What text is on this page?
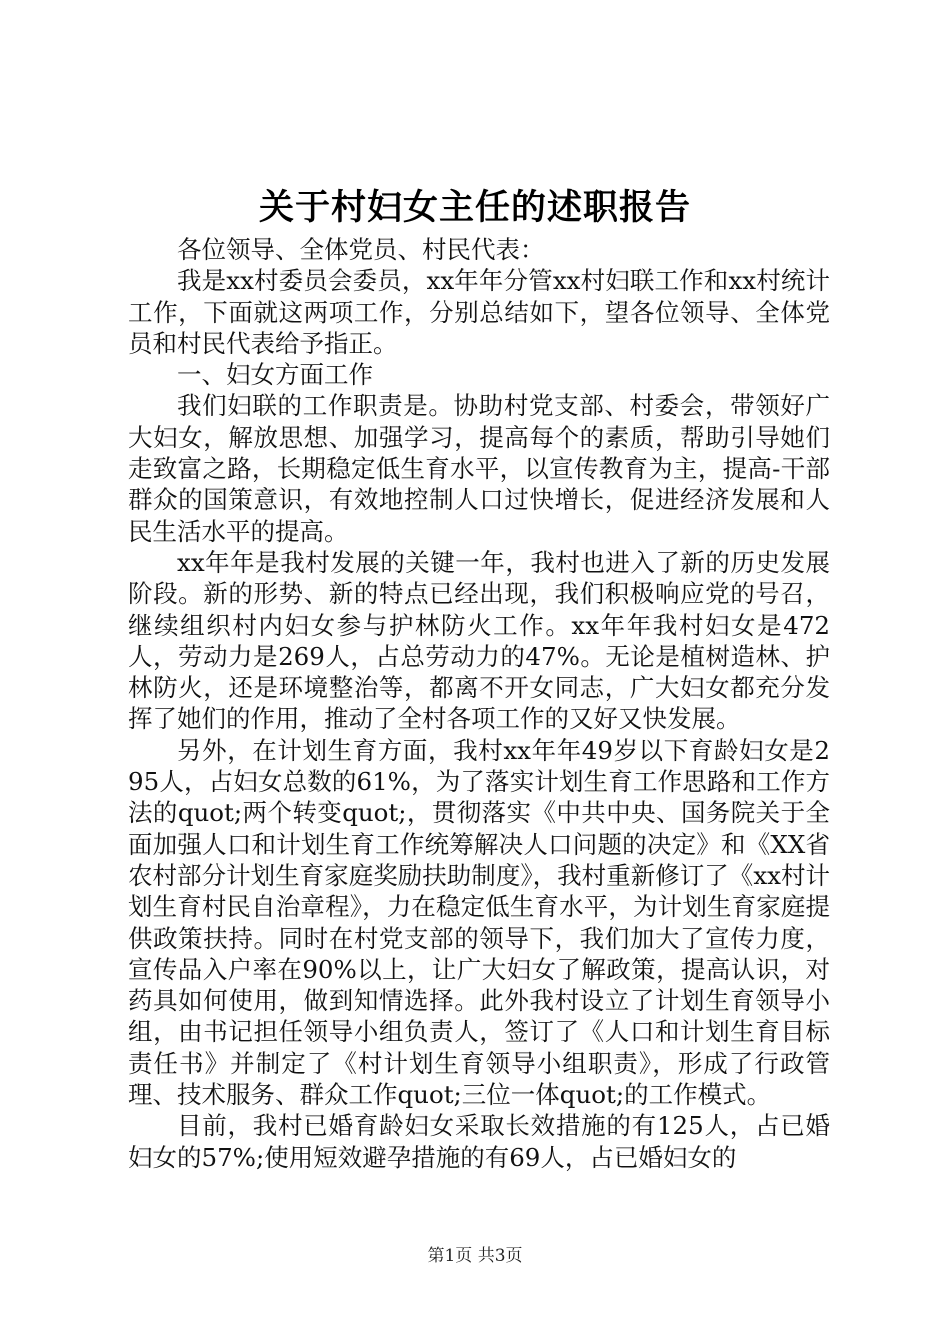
关于村妇女主任的述职报告

各位领导、全体党员、村民代表：

我是xx村委员会委员，xx年年分管xx村妇联工作和xx村统计工作，下面就这两项工作，分别总结如下，望各位领导、全体党员和村民代表给予指正。

一、妇女方面工作

我们妇联的工作职责是。协助村党支部、村委会，带领好广大妇女，解放思想、加强学习，提高每个的素质，帮助引导她们走致富之路，长期稳定低生育水平，以宣传教育为主，提高-干部群众的国策意识，有效地控制人口过快增长，促进经济发展和人民生活水平的提高。

xx年年是我村发展的关键一年，我村也进入了新的历史发展阶段。新的形势、新的特点已经出现，我们积极响应党的号召，继续组织村内妇女参与护林防火工作。xx年年我村妇女是472人，劳动力是269人，占总劳动力的47%。无论是植树造林、护林防火，还是环境整治等，都离不开女同志，广大妇女都充分发挥了她们的作用，推动了全村各项工作的又好又快发展。

另外，在计划生育方面，我村xx年年49岁以下育龄妇女是295人，占妇女总数的61%，为了落实计划生育工作思路和工作方法的quot;两个转变quot;，贯彻落实《中共中央、国务院关于全面加强人口和计划生育工作统筹解决人口问题的决定》和《XX省农村部分计划生育家庭奖励扶助制度》，我村重新修订了《xx村计划生育村民自治章程》，力在稳定低生育水平，为计划生育家庭提供政策扶持。同时在村党支部的领导下，我们加大了宣传力度，宣传品入户率在90%以上，让广大妇女了解政策，提高认识，对药具如何使用，做到知情选择。此外我村设立了计划生育领导小组，由书记担任领导小组负责人，签订了《人口和计划生育目标责任书》并制定了《村计划生育领导小组职责》，形成了行政管理、技术服务、群众工作quot;三位一体quot;的工作模式。

目前，我村已婚育龄妇女采取长效措施的有125人，占已婚妇女的57%;使用短效避孕措施的有69人，占已婚妇女的

第1页 共3页
